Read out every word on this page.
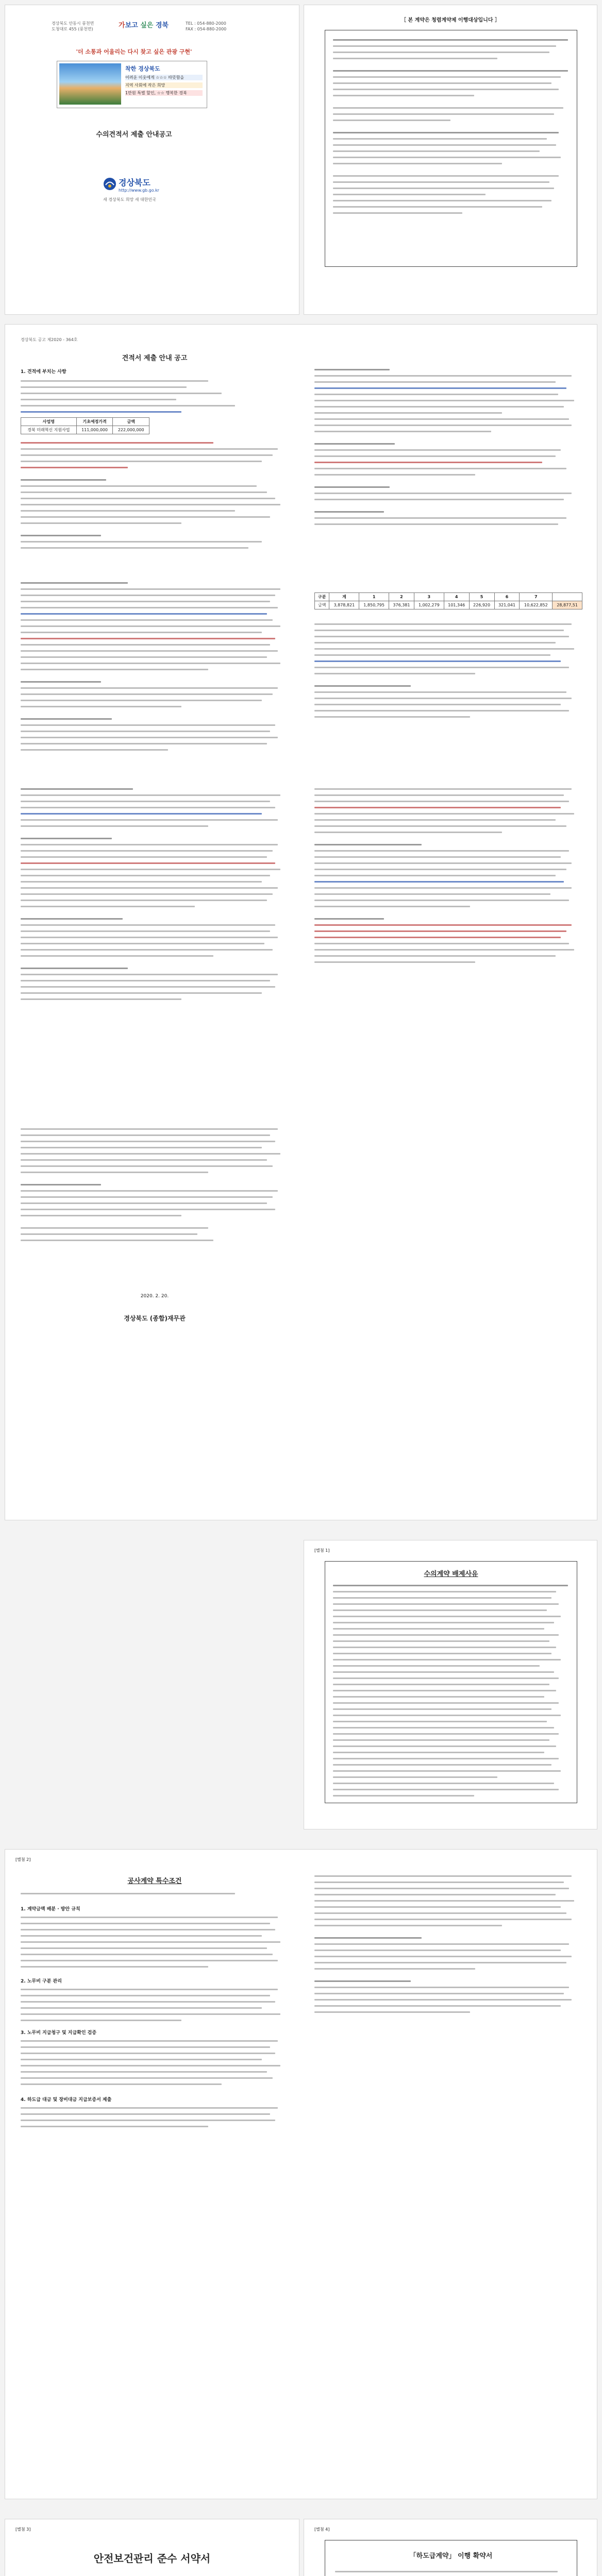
경상북도 안동시 풍천면
도청대로 455 (풍천면)	가보고 싶은 경북	TEL : 054-880-2000
FAX : 054-880-2000
'더 소통과 어울리는 다시 찾고 싶은 관광 구현'
착한 경상북도
어려운 이웃에게 ☆☆☆ 따뜻함을
지역 사회에 작은 희망
1만원 특별 할인, ☆☆ 행복한 경북
수의견적서 제출 안내공고
경상북도
http://www.gb.go.kr
새 경상북도 희망 새 대한민국
［ 본 계약은 청렴계약제 이행대상입니다 ］
경상북도 공고 제2020 - 364호
견적서 제출 안내 공고
1. 견적에 부치는 사항
사업명	기초예정가격	금액
경북 미래혁신 지원사업	111,000,000	222,000,000
구분	계	1	2	3	4	5	6	7	
금액	3,878,821	1,850,795	376,381	1,002,279	101,346	226,920	321,041	10,622,852	28,877,51
2020. 2. 20.
경상북도 (종합)재무관
[별첨 1]
수의계약 배제사유
[별첨 2]
공사계약 특수조건
1. 계약금액 배분 · 방안 규칙
2. 노무비 구분 관리
3. 노무비 지급청구 및 지급확인 검증
4. 하도급 대금 및 장비대금 지급보증서 제출
[별첨 3]
안전보건관리 준수 서약서
[별첨 4]
「하도급계약」 이행 확약서
